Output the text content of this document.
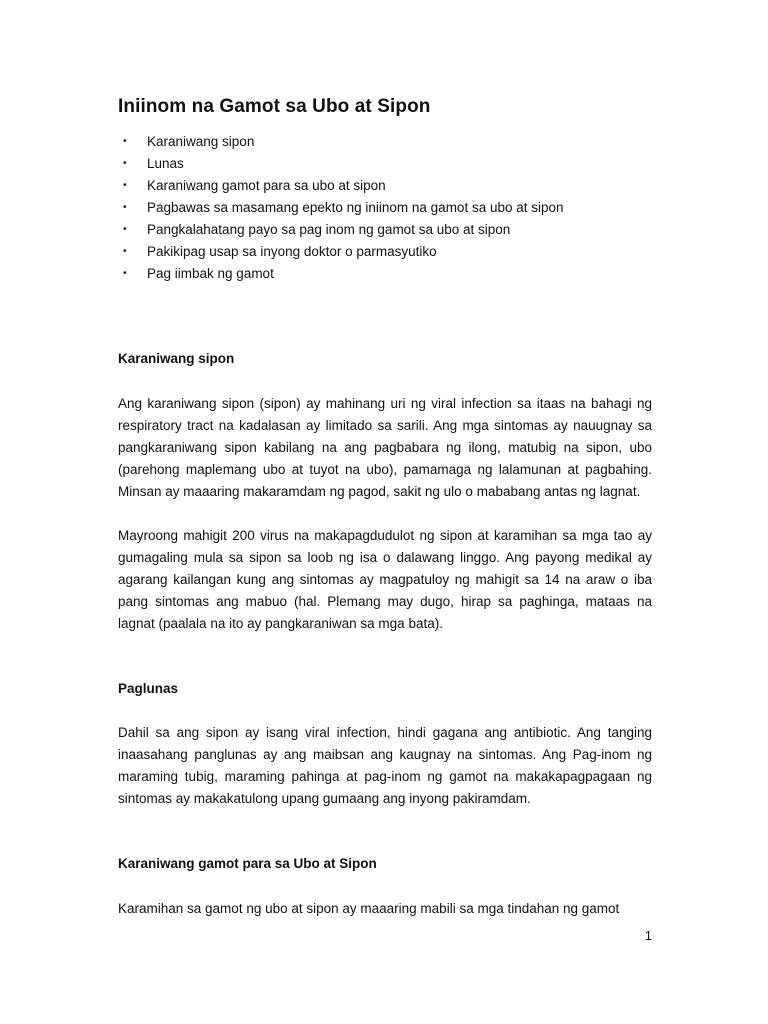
Iniinom na Gamot sa Ubo at Sipon
• Karaniwang sipon
• Lunas
• Karaniwang gamot para sa ubo at sipon
• Pagbawas sa masamang epekto ng iniinom na gamot sa ubo at sipon
• Pangkalahatang payo sa pag inom ng gamot sa ubo at sipon
• Pakikipag usap sa inyong doktor o parmasyutiko
• Pag iimbak ng gamot
Karaniwang sipon

Ang karaniwang sipon (sipon) ay mahinang uri ng viral infection sa itaas na bahagi ng respiratory tract na kadalasan ay limitado sa sarili. Ang mga sintomas ay nauugnay sa pangkaraniwang sipon kabilang na ang pagbabara ng ilong, matubig na sipon, ubo (parehong maplemang ubo at tuyot na ubo), pamamaga ng lalamunan at pagbahing. Minsan ay maaaring makaramdam ng pagod, sakit ng ulo o mababang antas ng lagnat.

Mayroong mahigit 200 virus na makapagdudulot ng sipon at karamihan sa mga tao ay gumagaling mula sa sipon sa loob ng isa o dalawang linggo. Ang payong medikal ay agarang kailangan kung ang sintomas ay magpatuloy ng mahigit sa 14 na araw o iba pang sintomas ang mabuo (hal. Plemang may dugo, hirap sa paghinga, mataas na lagnat (paalala na ito ay pangkaraniwan sa mga bata).

Paglunas

Dahil sa ang sipon ay isang viral infection, hindi gagana ang antibiotic. Ang tanging inaasahang panglunas ay ang maibsan ang kaugnay na sintomas. Ang Pag-inom ng maraming tubig, maraming pahinga at pag-inom ng gamot na makakapagpagaan ng sintomas ay makakatulong upang gumaang ang inyong pakiramdam.

Karaniwang gamot para sa Ubo at Sipon

Karamihan sa gamot ng ubo at sipon ay maaaring mabili sa mga tindahan ng gamot

1
